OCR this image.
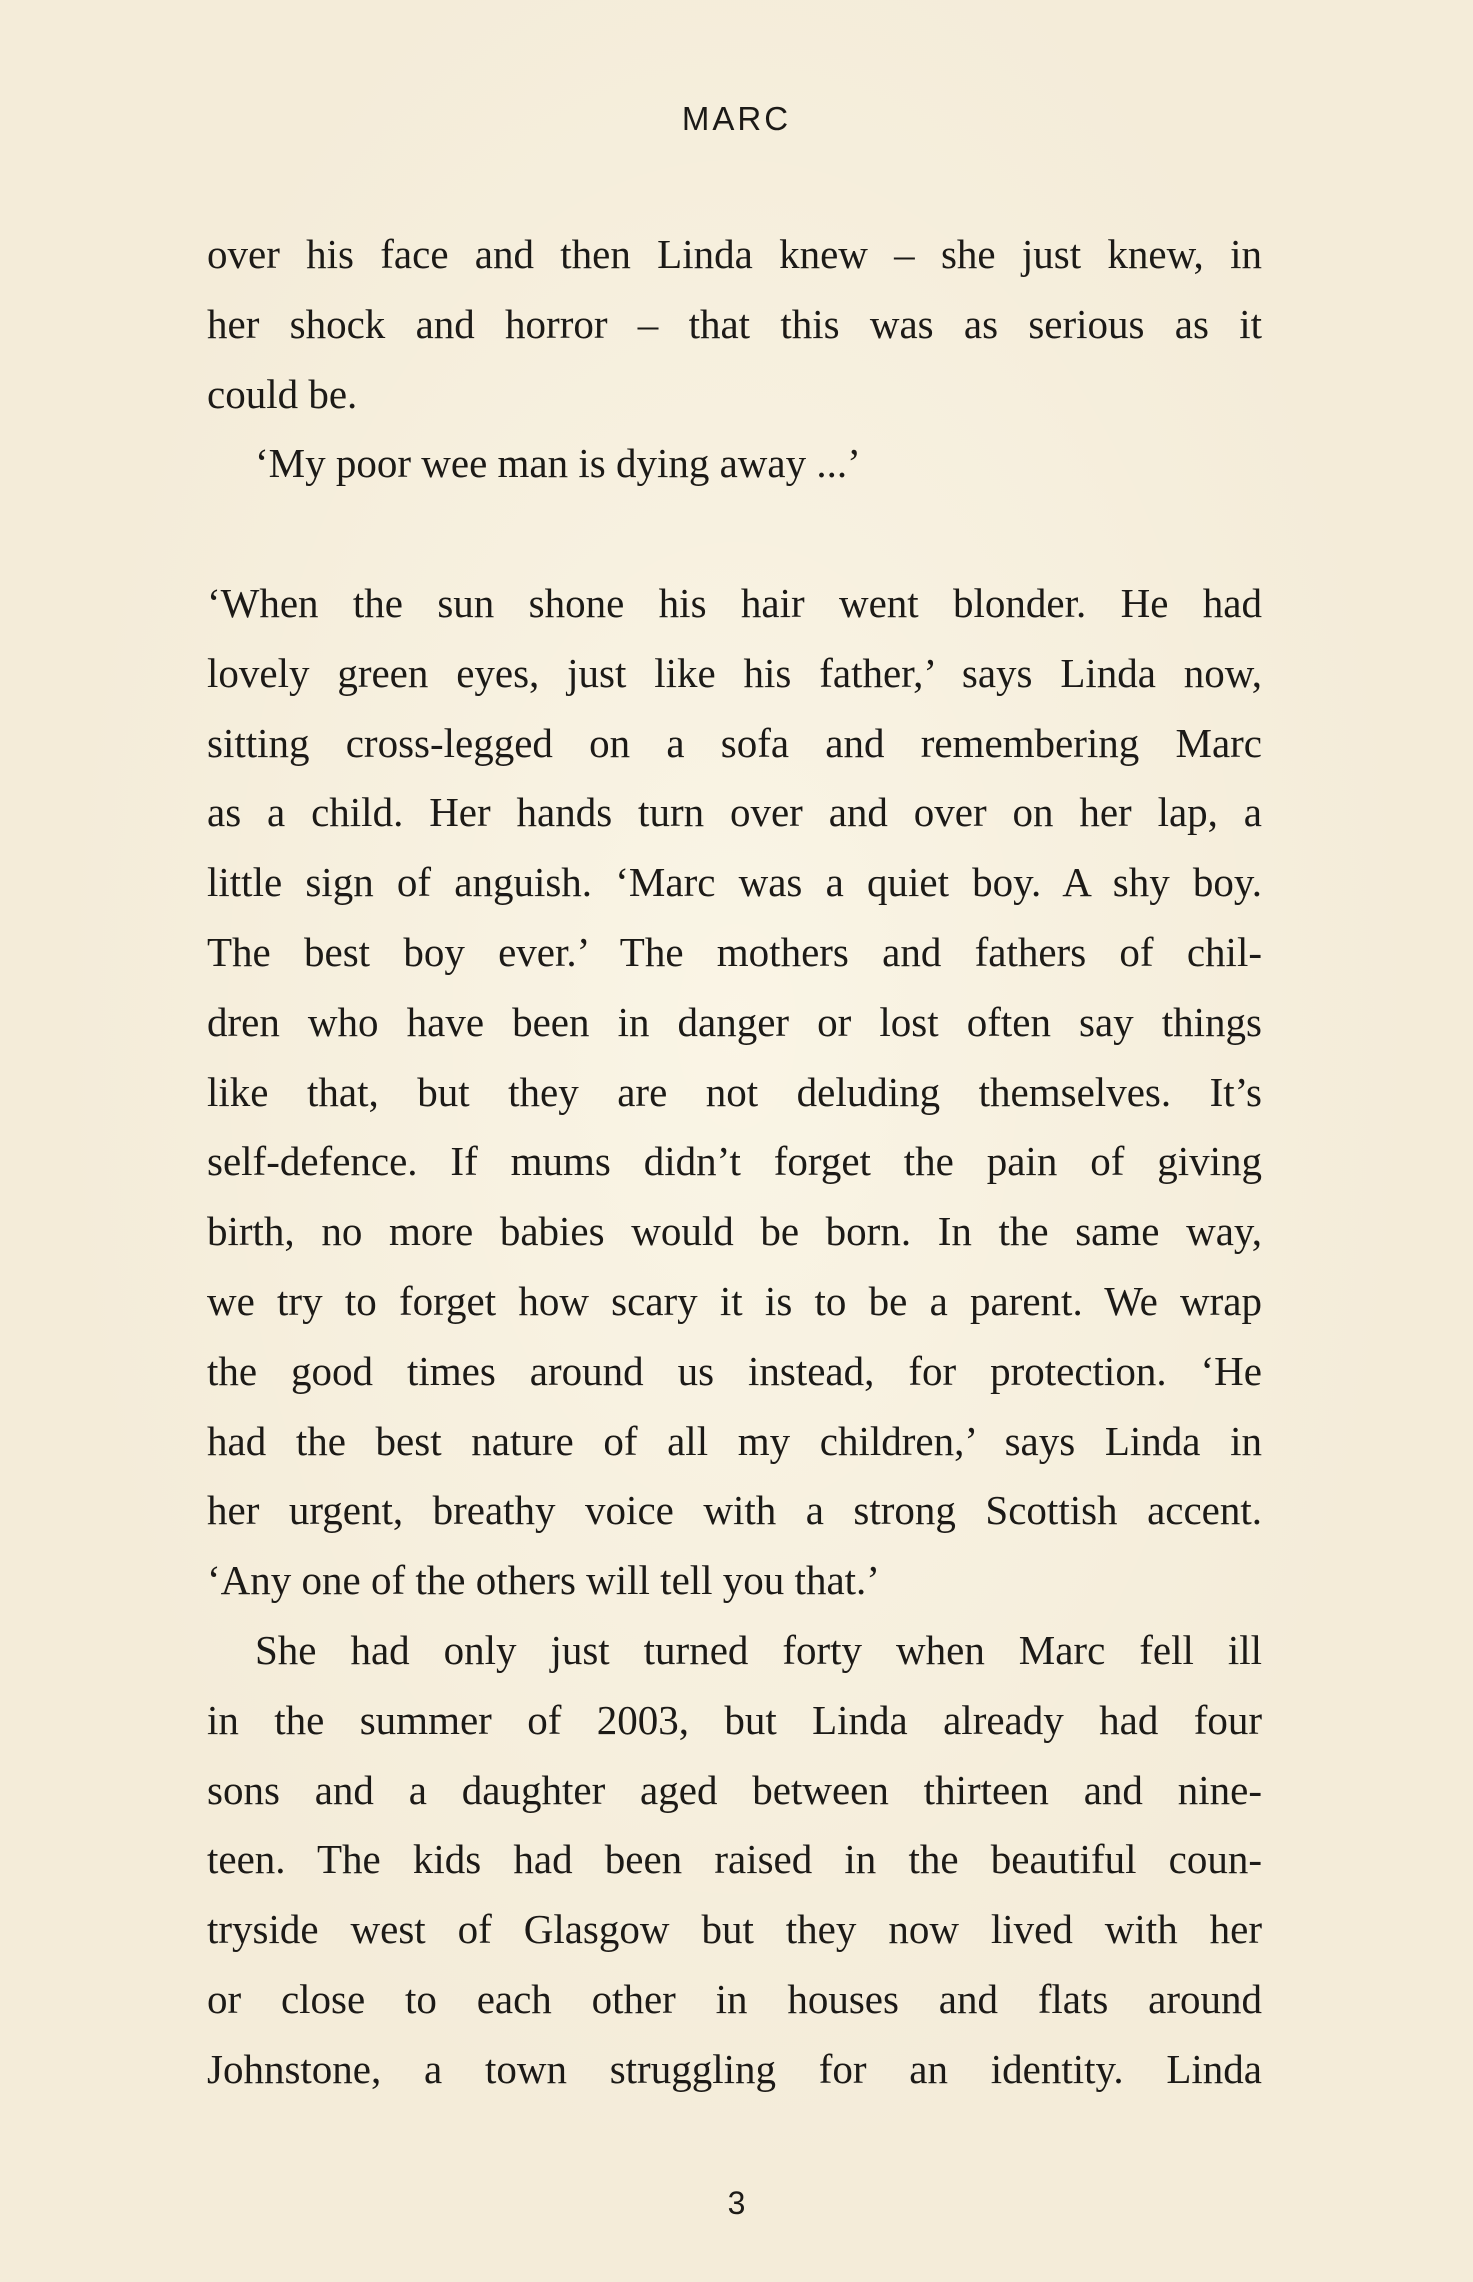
MARC
over his face and then Linda knew – she just knew, in
her shock and horror – that this was as serious as it
could be.
‘My poor wee man is dying away ...’
‘When the sun shone his hair went blonder. He had
lovely green eyes, just like his father,’ says Linda now,
sitting cross-legged on a sofa and remembering Marc
as a child. Her hands turn over and over on her lap, a
little sign of anguish. ‘Marc was a quiet boy. A shy boy.
The best boy ever.’ The mothers and fathers of chil-
dren who have been in danger or lost often say things
like that, but they are not deluding themselves. It’s
self-defence. If mums didn’t forget the pain of giving
birth, no more babies would be born. In the same way,
we try to forget how scary it is to be a parent. We wrap
the good times around us instead, for protection. ‘He
had the best nature of all my children,’ says Linda in
her urgent, breathy voice with a strong Scottish accent.
‘Any one of the others will tell you that.’
She had only just turned forty when Marc fell ill
in the summer of 2003, but Linda already had four
sons and a daughter aged between thirteen and nine-
teen. The kids had been raised in the beautiful coun-
tryside west of Glasgow but they now lived with her
or close to each other in houses and flats around
Johnstone, a town struggling for an identity. Linda
3
